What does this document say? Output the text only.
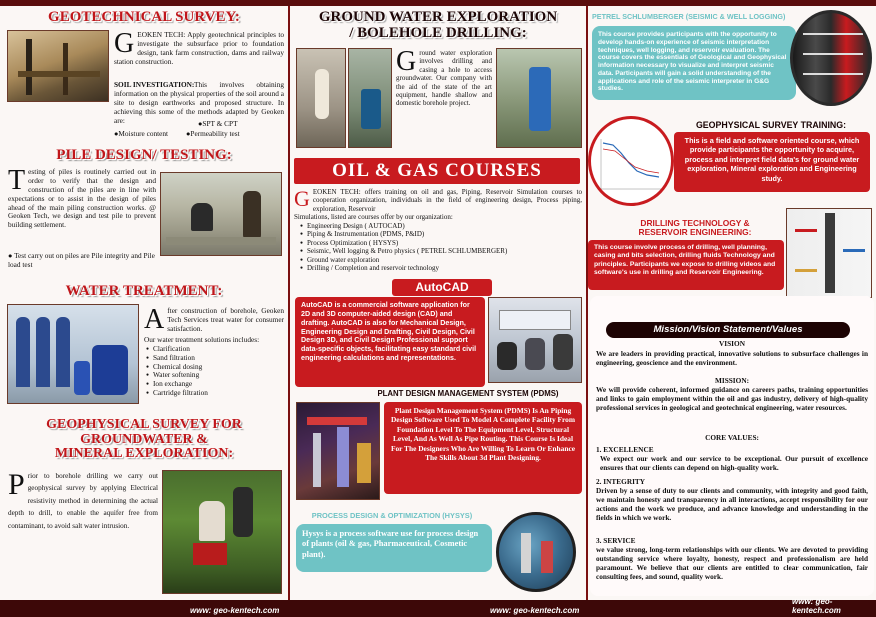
GEOTECHNICAL SURVEY:
GEOKEN TECH: Apply geotechnical principles to investigate the subsurface prior to foundation design, tank farm construction, dams and railway station construction.
SOIL INVESTIGATION: This involves obtaining information on the physical properties of the soil around a site to design earthworks and proposed structure. In achieving this some of the methods adapted by Geoken are:	●SPT & CPT
●Moisture content	●Permeability test
PILE DESIGN/ TESTING:
Testing of piles is routinely carried out in order to verify that the design and construction of the piles are in line with expectations or to assist in the design of piles ahead of the main piling construction works. @ Geoken Tech, we design and test pile to prevent building settlement.
● Test carry out on piles are Pile integrity and Pile load test
WATER TREATMENT:
After construction of borehole, Geoken Tech Services treat water for consumer satisfaction.
Our water treatment solutions includes:
● Clarification
● Sand filtration
● Chemical dosing
● Water softening
● Ion exchange
● Cartridge filtration
GEOPHYSICAL SURVEY FOR
GROUNDWATER &
MINERAL EXPLORATION:
Prior to borehole drilling we carry out geophysical survey by applying Electrical resistivity method in determining the actual depth to drill, to enable the aquifer free from contaminant, to avoid salt water intrusion.
GROUND WATER EXPLORATION
/ BOLEHOLE DRILLING:
Ground water exploration involves drilling and casing a hole to access groundwater. Our company with the aid of the state of the art equipment, handle shallow and domestic borehole project.
OIL & GAS COURSES
GEOKEN TECH: offers training on oil and gas, Piping, Reservoir Simulation courses to cooperation organization, individuals in the field of engineering design, Process piping, exploration, Reservoir
Simulations, listed are courses offer by our organization:
● Engineering Design ( AUTOCAD)
● Piping & Instrumentation (PDMS, P&ID)
● Process Optimization ( HYSYS)
● Seismic, Well logging & Petro physics ( PETREL SCHLUMBERGER)
● Ground water exploration
● Drilling / Completion and reservoir technology
AutoCAD
AutoCAD is a commercial software application for 2D and 3D computer-aided design (CAD) and drafting. AutoCAD is also for Mechanical Design, Engineering Design and Drafting, Civil Design, Civil Design 3D, and Civil Design Professional support data-specific objects, facilitating easy standard civil engineering calculations and representations.
PLANT DESIGN MANAGEMENT SYSTEM (PDMS)
Plant Design Management System (PDMS) Is An Piping Design Software Used To Model A Complete Facility From Foundation Level To The Equipment Level, Structural Level, And As Well As Pipe Routing. This Course Is Ideal For The Designers Who Are Willing To Learn Or Enhance The Skills About 3d Plant Designing.
PROCESS DESIGN & OPTIMIZATION (HYSYS)
Hysys is a process software use for process design of plants (oil & gas, Pharmaceutical, Cosmetic plant).
PETREL SCHLUMBERGER (SEISMIC & WELL LOGGING)
This course provides participants with the opportunity to develop hands-on experience of seismic interpretation techniques, well logging, and reservoir evaluation. The course covers the essentials of Geological and Geophysical information necessary to visualize and interpret seismic data. Participants will gain a solid understanding of the applications and role of the seismic interpreter in G&G studies.
GEOPHYSICAL SURVEY TRAINING:
This is a field and software oriented course, which provide participants the opportunity to acquire, process and interpret field data's for ground water exploration, Mineral exploration and Engineering study.
DRILLING TECHNOLOGY &
RESERVOIR ENGINEERING:
This course involve process of drilling, well planning, casing and bits selection, drilling fluids Technology and principles. Participants we expose to drilling videos and software's use in drilling and Reservoir Engineering.
Mission/Vision Statement/Values
VISION
We are leaders in providing practical, innovative solutions to subsurface challenges in engineering, geoscience and the environment.
MISSION:
We will provide coherent, informed guidance on careers paths, training opportunities and links to gain employment within the oil and gas industry, delivery of high-quality professional services in geological and geotechnical engineering, water resources.
CORE VALUES:
1. EXCELLENCE
We expect our work and our service to be exceptional. Our pursuit of excellence ensures that our clients can depend on high-quality work.
2. INTEGRITY
Driven by a sense of duty to our clients and community, with integrity and good faith, we maintain honesty and transparency in all interactions, accept responsibility for our actions and the work we produce, and advance knowledge and understanding in the fields in which we work.
3. SERVICE
we value strong, long-term relationships with our clients. We are devoted to providing outstanding service where loyalty, honesty, respect and professionalism are held paramount. We believe that our clients are entitled to clear communication, fair consulting fees, and sound, quality work.
www: geo-kentech.com	www: geo-kentech.com
www: geo-kentech.com
